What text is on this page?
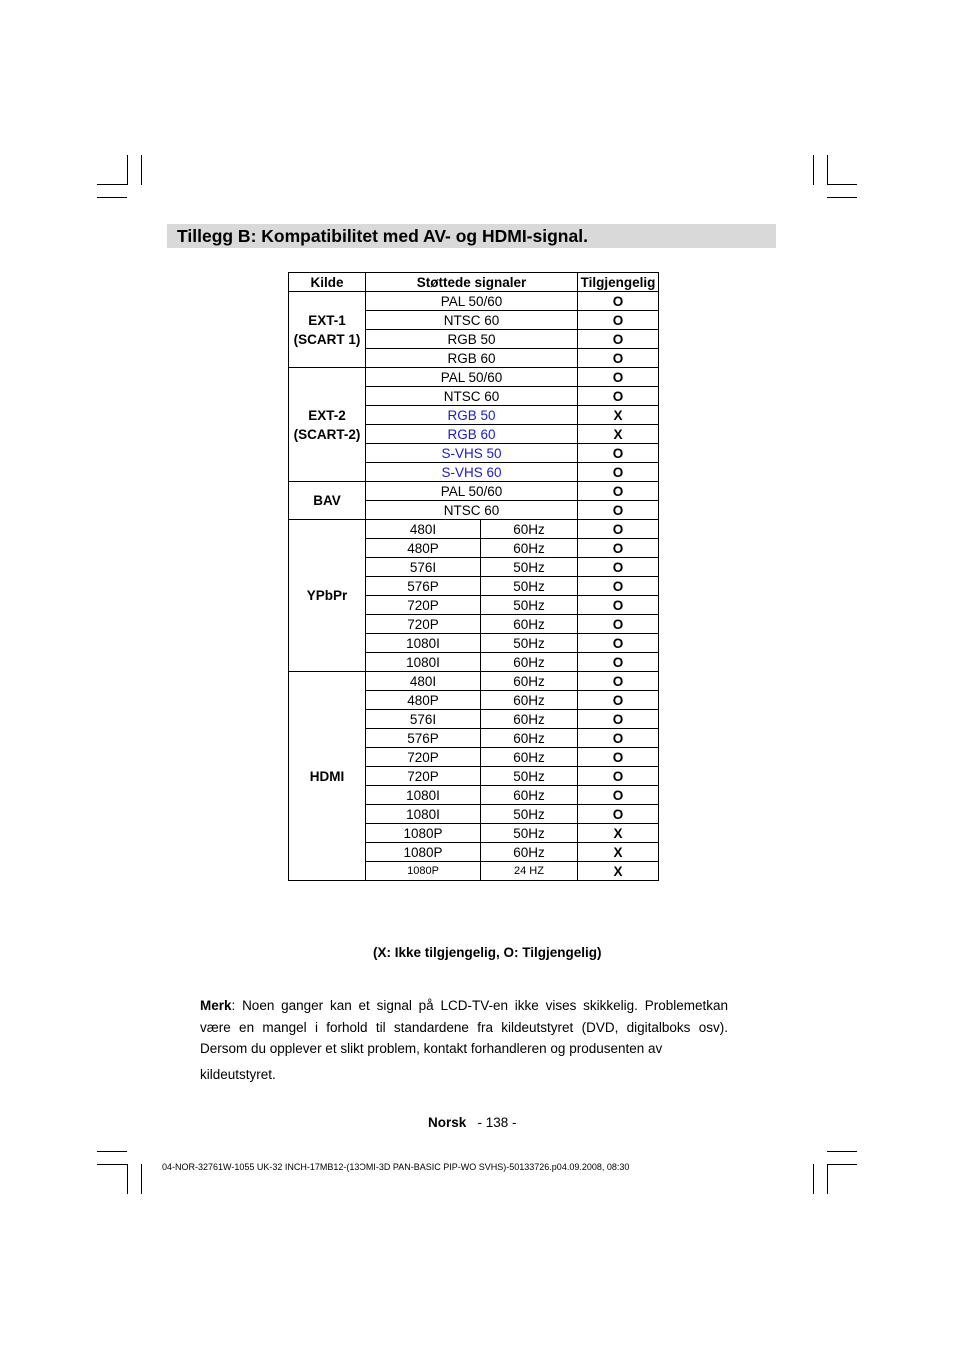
Tillegg B: Kompatibilitet med AV- og HDMI-signal.
Kilde	Støttede signaler		Tilgjengelig
EXT-1
(SCART 1)	PAL 50/60		O
	NTSC 60		O
	RGB 50		O
	RGB 60		O
EXT-2
(SCART-2)	PAL 50/60		O
	NTSC 60		O
	RGB 50		X
	RGB 60		X
	S-VHS 50		O
	S-VHS 60		O
BAV	PAL 50/60		O
	NTSC 60		O
YPbPr	480I	60Hz	O
	480P	60Hz	O
	576I	50Hz	O
	576P	50Hz	O
	720P	50Hz	O
	720P	60Hz	O
	1080I	50Hz	O
	1080I	60Hz	O
HDMI	480I	60Hz	O
	480P	60Hz	O
	576I	60Hz	O
	576P	60Hz	O
	720P	60Hz	O
	720P	50Hz	O
	1080I	60Hz	O
	1080I	50Hz	O
	1080P	50Hz	X
	1080P	60Hz	X
	1080P	24 HZ	X
(X: Ikke tilgjengelig, O: Tilgjengelig)
Merk: Noen ganger kan et signal på LCD-TV-en ikke vises skikkelig. Problemetkan være en mangel i forhold til standardene fra kildeutstyret (DVD, digitalboks osv). Dersom du opplever et slikt problem, kontakt forhandleren og produsenten av
kildeutstyret.
Norsk - 138 -
04-NOR-32761W-1055 UK-32 INCH-17MB12-(13ϽMI-3D PAN-BASIC PIP-WO SVHS)-50133726.p04.09.2008, 08:30
